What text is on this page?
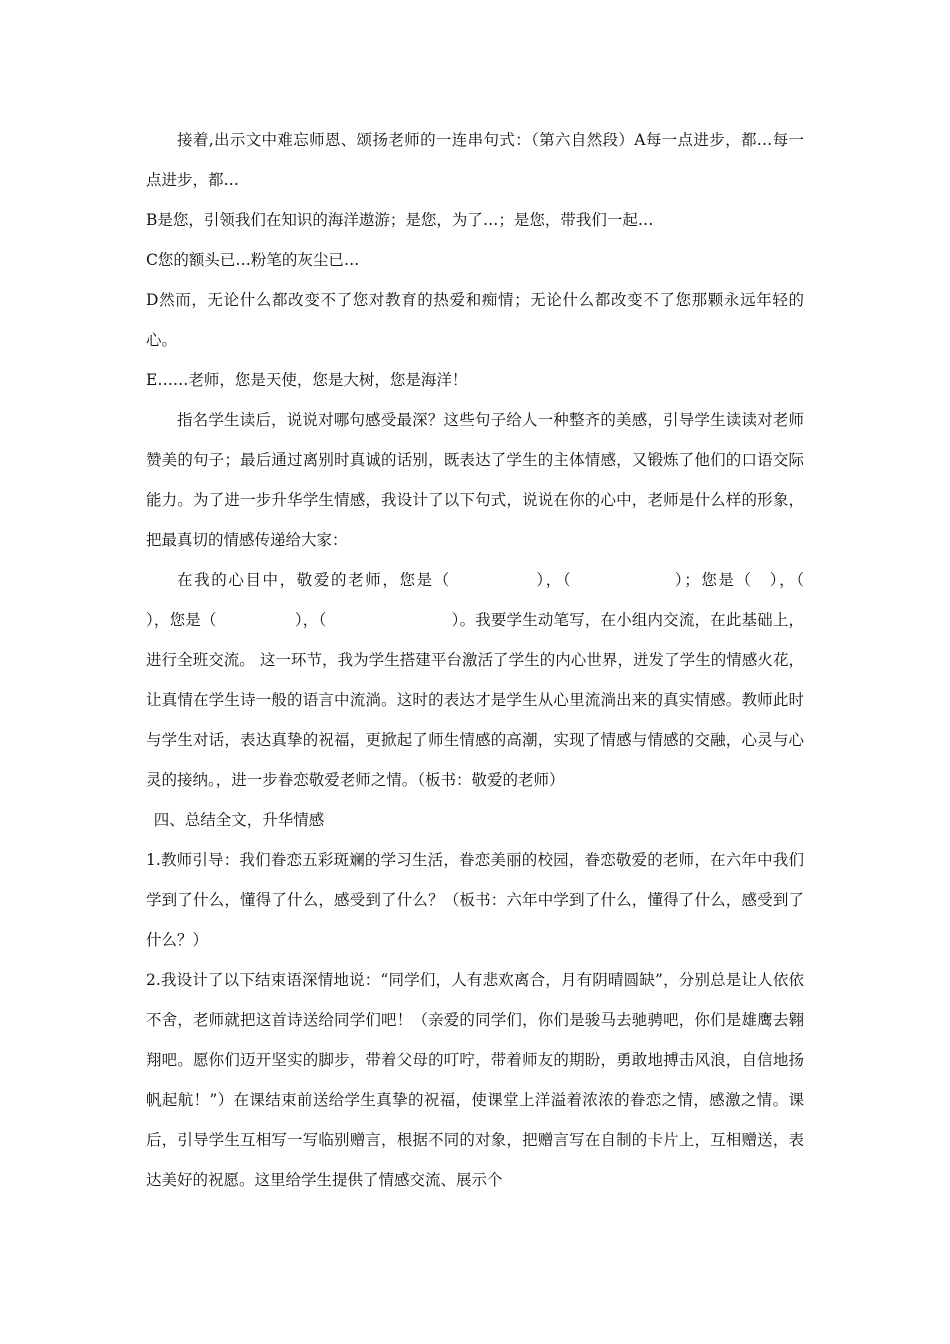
接着,出示文中难忘师恩、颂扬老师的一连串句式：（第六自然段）A每一点进步，都…每一点进步，都…

B是您，引领我们在知识的海洋遨游；是您，为了…；是您，带我们一起…

C您的额头已…粉笔的灰尘已…

D然而，无论什么都改变不了您对教育的热爱和痴情；无论什么都改变不了您那颗永远年轻的心。

E……老师，您是天使，您是大树，您是海洋！

指名学生读后，说说对哪句感受最深？这些句子给人一种整齐的美感，引导学生读读对老师赞美的句子；最后通过离别时真诚的话别，既表达了学生的主体情感，又锻炼了他们的口语交际能力。为了进一步升华学生情感，我设计了以下句式，说说在你的心中，老师是什么样的形象，把最真切的情感传递给大家：

在我的心目中，敬爱的老师，您是（　　　　　），（　　　　　　）；您是（　），（　　　　　　　　　），您是（　　　　　），（　　　　　　　　）。我要学生动笔写，在小组内交流，在此基础上，进行全班交流。 这一环节，我为学生搭建平台激活了学生的内心世界，迸发了学生的情感火花，让真情在学生诗一般的语言中流淌。这时的表达才是学生从心里流淌出来的真实情感。教师此时与学生对话，表达真挚的祝福，更掀起了师生情感的高潮，实现了情感与情感的交融，心灵与心灵的接纳。，进一步眷恋敬爱老师之情。（板书：敬爱的老师）

四、总结全文，升华情感

1.教师引导：我们眷恋五彩斑斓的学习生活，眷恋美丽的校园，眷恋敬爱的老师，在六年中我们学到了什么，懂得了什么，感受到了什么？（板书：六年中学到了什么，懂得了什么，感受到了什么？）

2.我设计了以下结束语深情地说：“同学们，人有悲欢离合，月有阴晴圆缺”，分别总是让人依依不舍，老师就把这首诗送给同学们吧！（亲爱的同学们，你们是骏马去驰骋吧，你们是雄鹰去翱翔吧。愿你们迈开坚实的脚步，带着父母的叮咛，带着师友的期盼，勇敢地搏击风浪，自信地扬帆起航！”）在课结束前送给学生真挚的祝福，使课堂上洋溢着浓浓的眷恋之情，感激之情。课后，引导学生互相写一写临别赠言，根据不同的对象，把赠言写在自制的卡片上，互相赠送，表达美好的祝愿。这里给学生提供了情感交流、展示个
